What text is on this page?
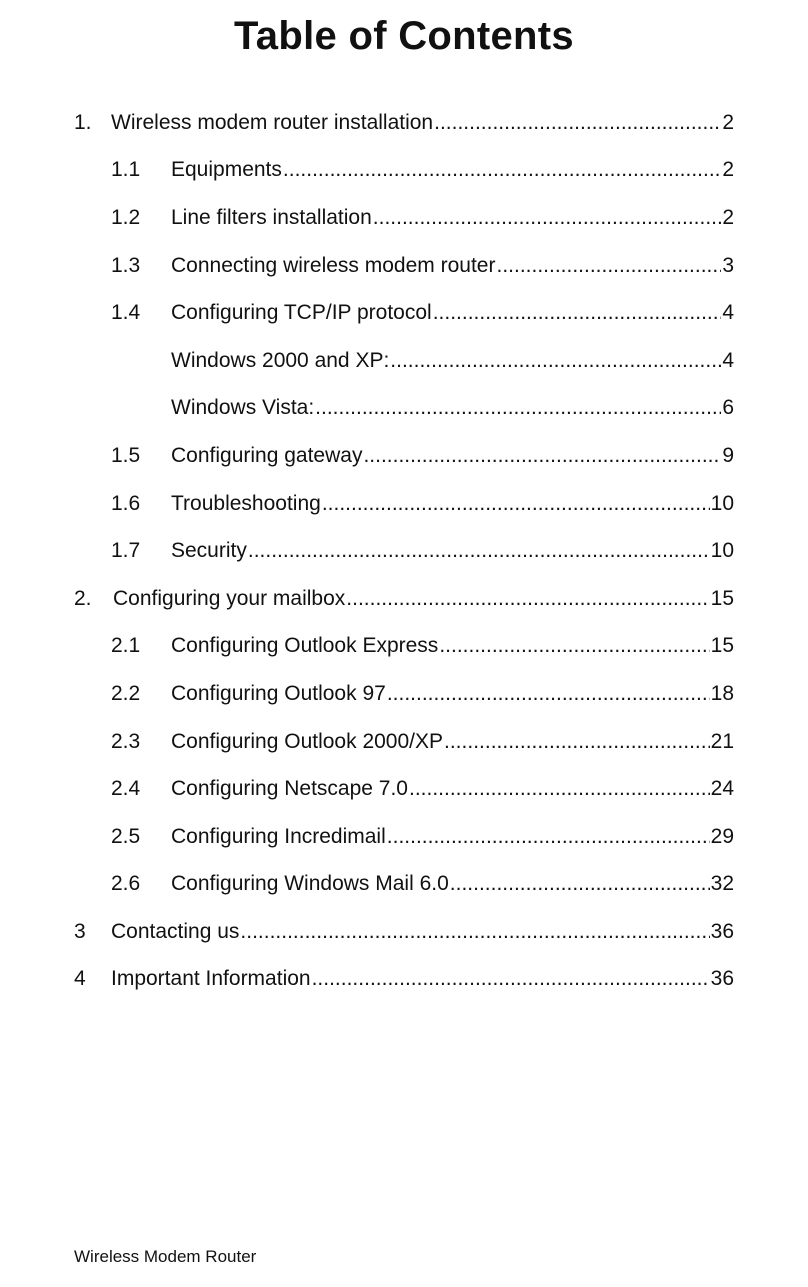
Table of Contents
1. Wireless modem router installation .....	2
1.1 Equipments .....	2
1.2 Line filters installation .....	2
1.3 Connecting wireless modem router .....	3
1.4 Configuring TCP/IP protocol .....	4
Windows 2000 and XP: .....	4
Windows Vista: .....	6
1.5 Configuring gateway .....	9
1.6 Troubleshooting .....	10
1.7 Security .....	10
2. Configuring your mailbox .....	15
2.1 Configuring Outlook Express .....	15
2.2 Configuring Outlook 97 .....	18
2.3 Configuring Outlook 2000/XP .....	21
2.4 Configuring Netscape 7.0 .....	24
2.5 Configuring Incredimail .....	29
2.6 Configuring Windows Mail 6.0 .....	32
3 Contacting us .....	36
4 Important Information .....	36

Wireless Modem Router
